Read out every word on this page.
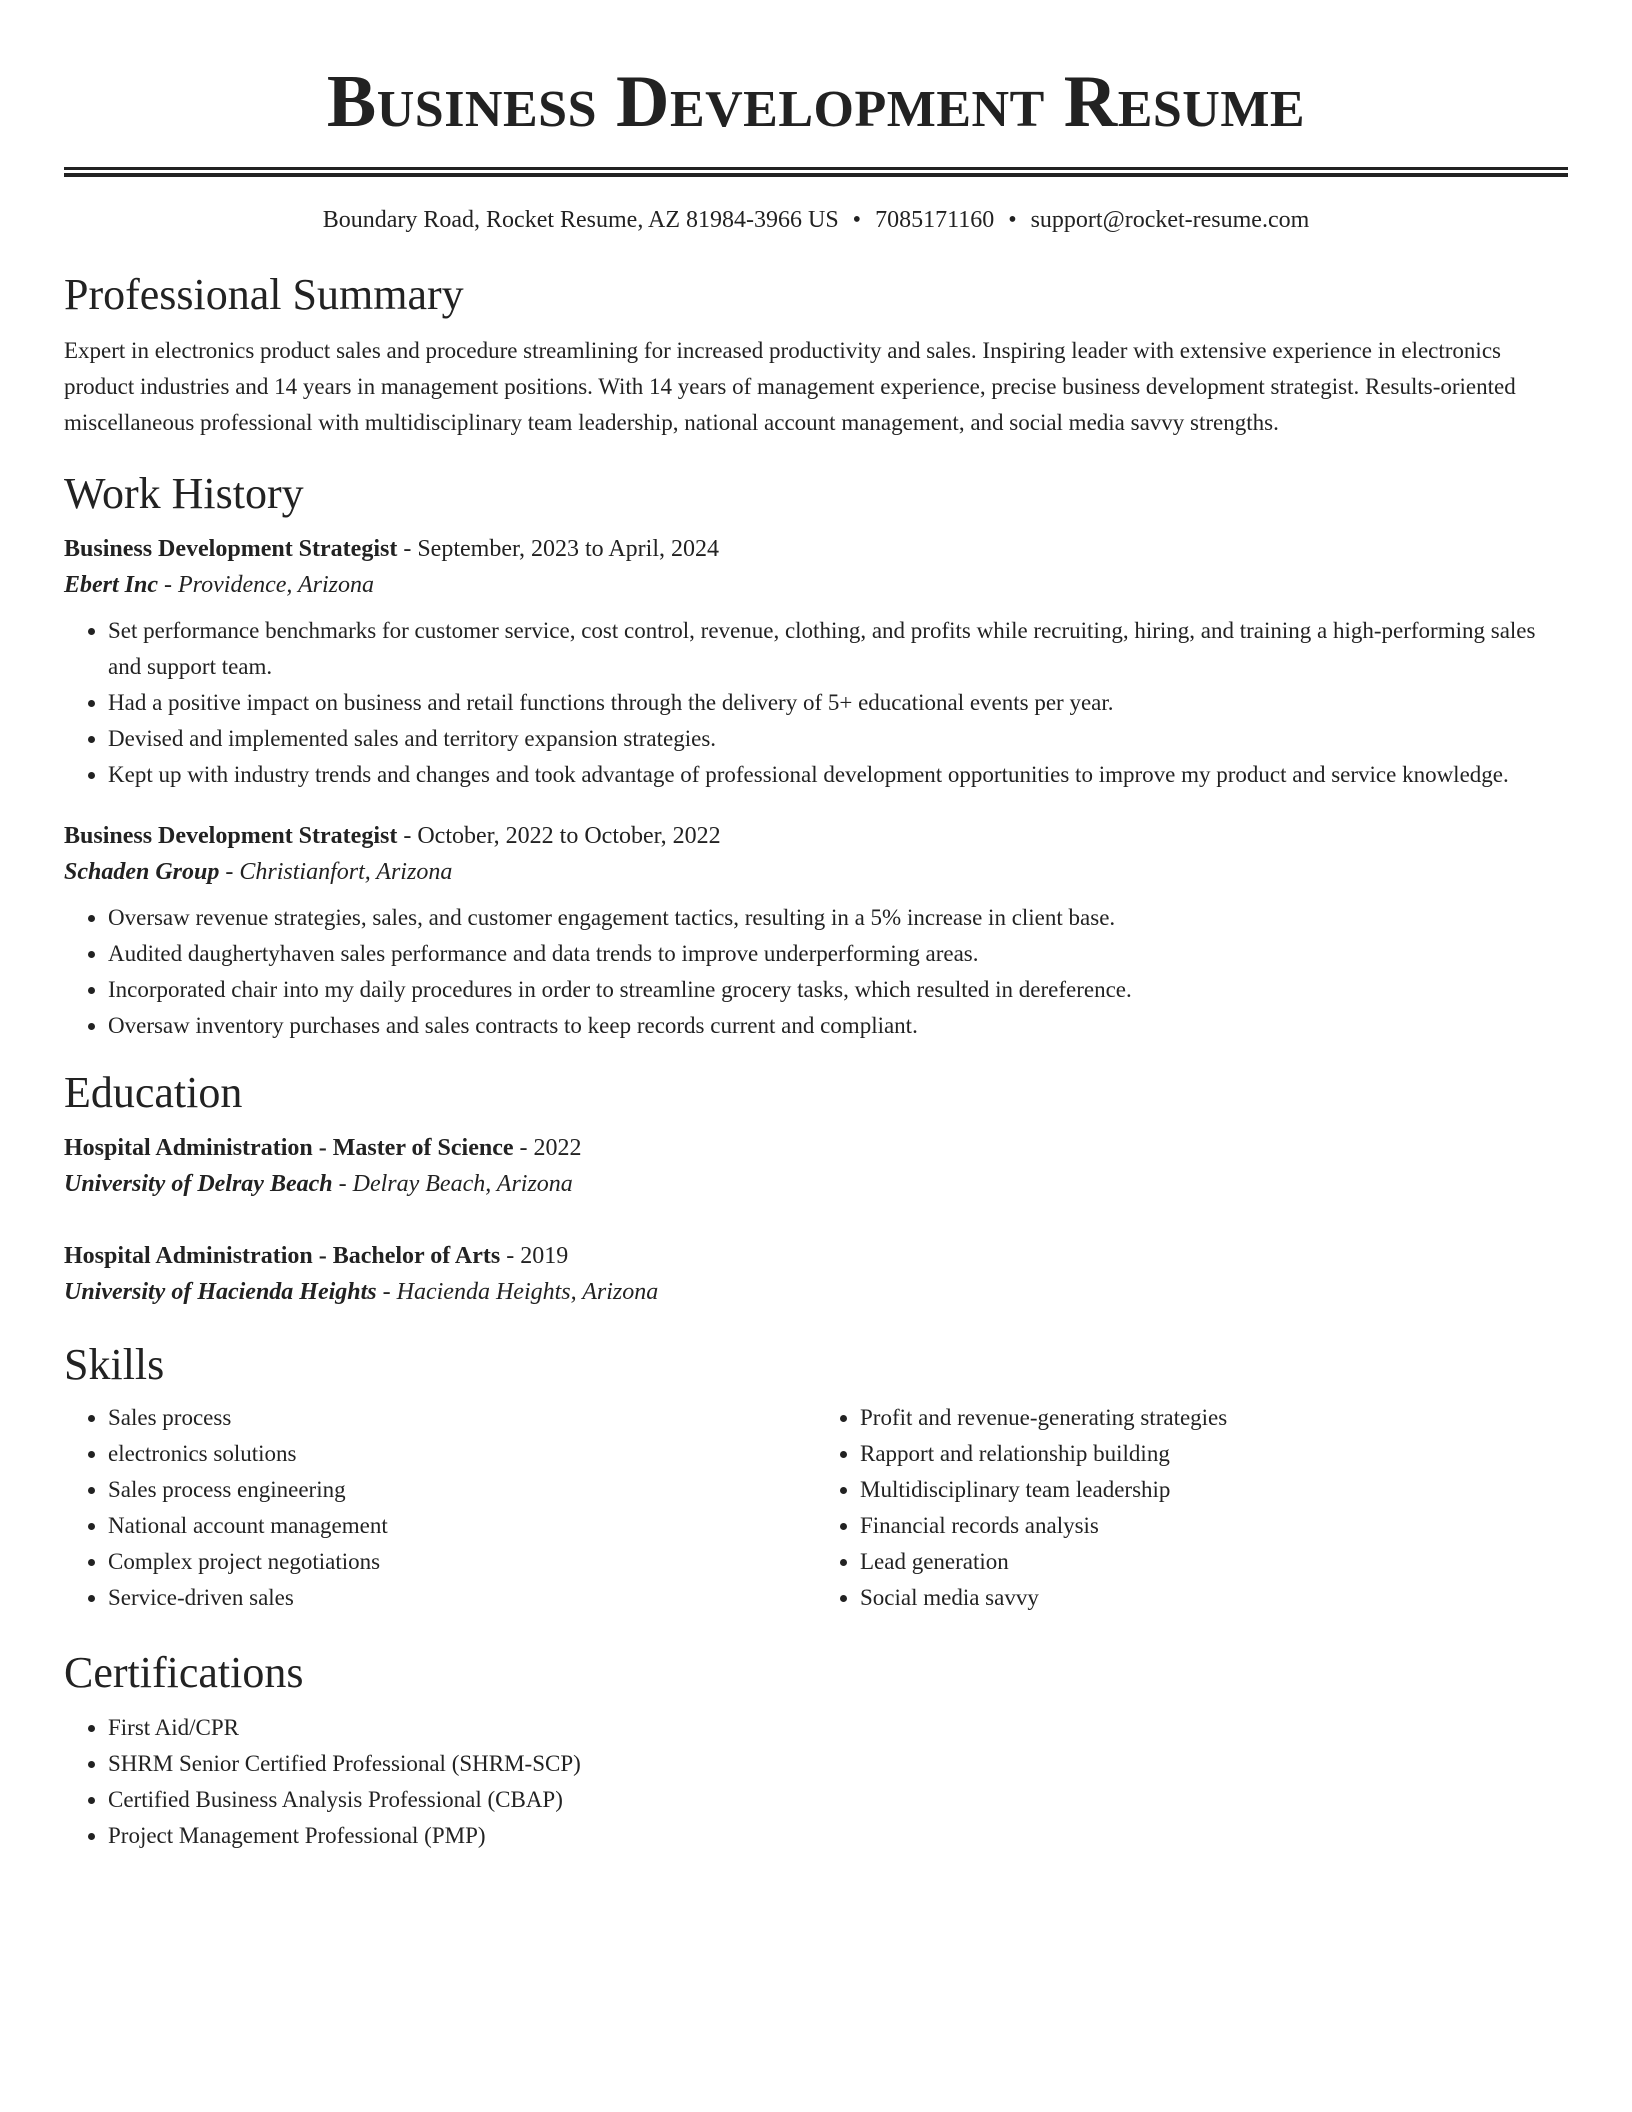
Business Development Resume
Boundary Road, Rocket Resume, AZ 81984-3966 US • 7085171160 • support@rocket-resume.com
Professional Summary

Expert in electronics product sales and procedure streamlining for increased productivity and sales. Inspiring leader with extensive experience in electronics product industries and 14 years in management positions. With 14 years of management experience, precise business development strategist. Results-oriented miscellaneous professional with multidisciplinary team leadership, national account management, and social media savvy strengths.

Work History
Business Development Strategist - September, 2023 to April, 2024
Ebert Inc - Providence, Arizona
• Set performance benchmarks for customer service, cost control, revenue, clothing, and profits while recruiting, hiring, and training a high-performing sales and support team.
• Had a positive impact on business and retail functions through the delivery of 5+ educational events per year.
• Devised and implemented sales and territory expansion strategies.
• Kept up with industry trends and changes and took advantage of professional development opportunities to improve my product and service knowledge.
Business Development Strategist - October, 2022 to October, 2022
Schaden Group - Christianfort, Arizona
• Oversaw revenue strategies, sales, and customer engagement tactics, resulting in a 5% increase in client base.
• Audited daughertyhaven sales performance and data trends to improve underperforming areas.
• Incorporated chair into my daily procedures in order to streamline grocery tasks, which resulted in dereference.
• Oversaw inventory purchases and sales contracts to keep records current and compliant.
Education
Hospital Administration - Master of Science - 2022
University of Delray Beach - Delray Beach, Arizona
Hospital Administration - Bachelor of Arts - 2019
University of Hacienda Heights - Hacienda Heights, Arizona
Skills
• Sales process
• electronics solutions
• Sales process engineering
• National account management
• Complex project negotiations
• Service-driven sales
• Profit and revenue-generating strategies
• Rapport and relationship building
• Multidisciplinary team leadership
• Financial records analysis
• Lead generation
• Social media savvy
Certifications
• First Aid/CPR
• SHRM Senior Certified Professional (SHRM-SCP)
• Certified Business Analysis Professional (CBAP)
• Project Management Professional (PMP)
